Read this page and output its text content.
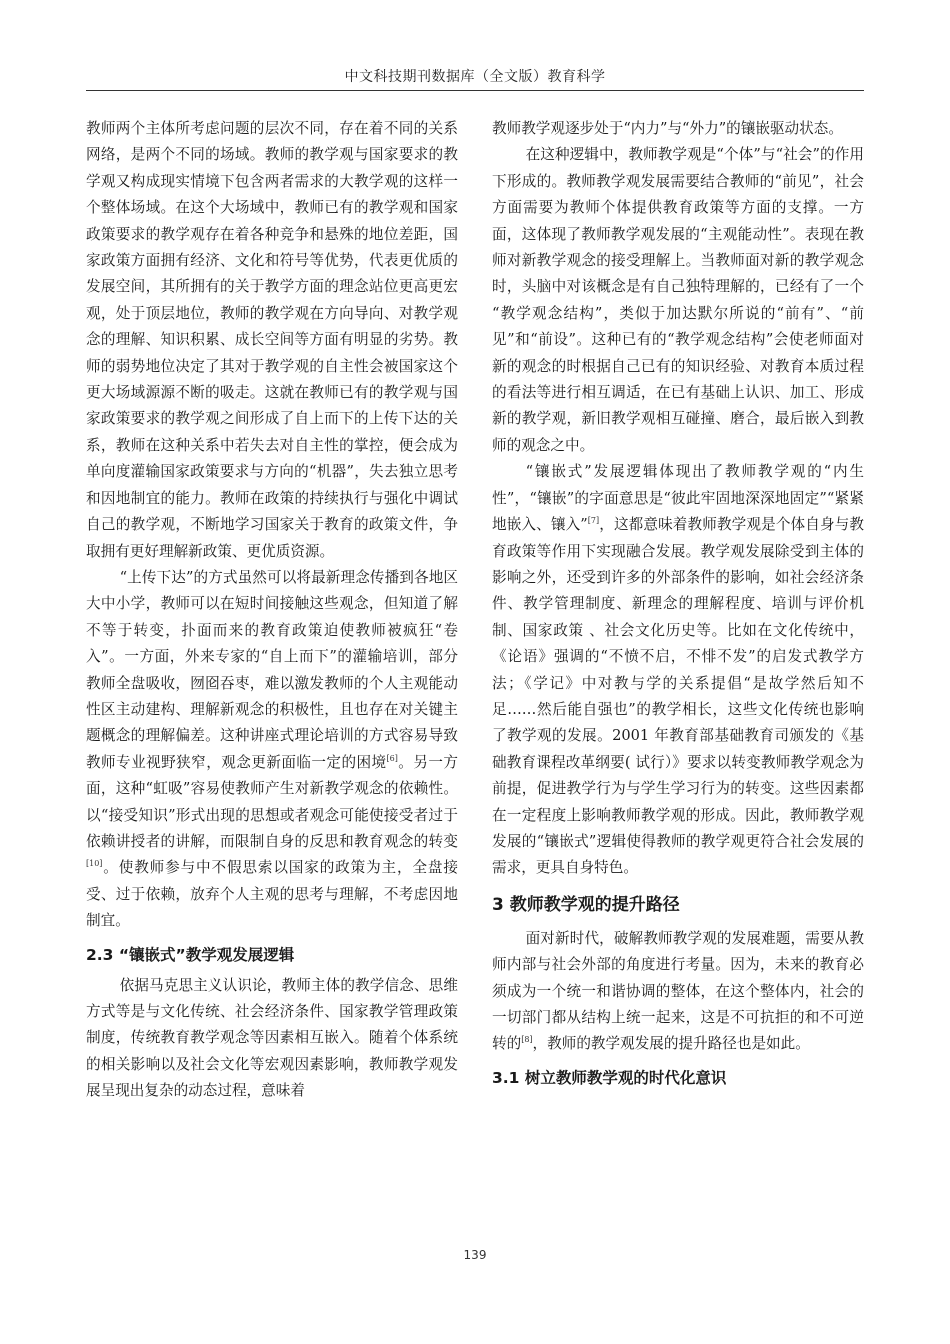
中文科技期刊数据库（全文版）教育科学

教师两个主体所考虑问题的层次不同，存在着不同的关系网络，是两个不同的场域。教师的教学观与国家要求的教学观又构成现实情境下包含两者需求的大教学观的这样一个整体场域。在这个大场域中，教师已有的教学观和国家政策要求的教学观存在着各种竞争和悬殊的地位差距，国家政策方面拥有经济、文化和符号等优势，代表更优质的发展空间，其所拥有的关于教学方面的理念站位更高更宏观，处于顶层地位，教师的教学观在方向导向、对教学观念的理解、知识积累、成长空间等方面有明显的劣势。教师的弱势地位决定了其对于教学观的自主性会被国家这个更大场域源源不断的吸走。这就在教师已有的教学观与国家政策要求的教学观之间形成了自上而下的上传下达的关系，教师在这种关系中若失去对自主性的掌控，便会成为单向度灌输国家政策要求与方向的“机器”，失去独立思考和因地制宜的能力。教师在政策的持续执行与强化中调试自己的教学观，不断地学习国家关于教育的政策文件，争取拥有更好理解新政策、更优质资源。

“上传下达”的方式虽然可以将最新理念传播到各地区大中小学，教师可以在短时间接触这些观念，但知道了解不等于转变，扑面而来的教育政策迫使教师被疯狂“卷入”。一方面，外来专家的“自上而下”的灌输培训，部分教师全盘吸收，囫囵吞枣，难以激发教师的个人主观能动性区主动建构、理解新观念的积极性，且也存在对关键主题概念的理解偏差。这种讲座式理论培训的方式容易导致教师专业视野狭窄，观念更新面临一定的困境[6]。另一方面，这种“虹吸”容易使教师产生对新教学观念的依赖性。以“接受知识”形式出现的思想或者观念可能使接受者过于依赖讲授者的讲解，而限制自身的反思和教育观念的转变[10]。使教师参与中不假思索以国家的政策为主，全盘接受、过于依赖，放弃个人主观的思考与理解，不考虑因地制宜。

2.3 “镶嵌式”教学观发展逻辑

依据马克思主义认识论，教师主体的教学信念、思维方式等是与文化传统、社会经济条件、国家教学管理政策制度，传统教育教学观念等因素相互嵌入。随着个体系统的相关影响以及社会文化等宏观因素影响，教师教学观发展呈现出复杂的动态过程，意味着

教师教学观逐步处于“内力”与“外力”的镶嵌驱动状态。

在这种逻辑中，教师教学观是“个体”与“社会”的作用下形成的。教师教学观发展需要结合教师的“前见”，社会方面需要为教师个体提供教育政策等方面的支撑。一方面，这体现了教师教学观发展的“主观能动性”。表现在教师对新教学观念的接受理解上。当教师面对新的教学观念时，头脑中对该概念是有自己独特理解的，已经有了一个 “教学观念结构”，类似于加达默尔所说的“前有”、“前见”和“前设”。这种已有的“教学观念结构”会使老师面对新的观念的时根据自己已有的知识经验、对教育本质过程的看法等进行相互调适，在已有基础上认识、加工、形成新的教学观，新旧教学观相互碰撞、磨合，最后嵌入到教师的观念之中。

“镶嵌式”发展逻辑体现出了教师教学观的“内生性”，“镶嵌”的字面意思是“彼此牢固地深深地固定”“紧紧地嵌入、镶入”[7]，这都意味着教师教学观是个体自身与教育政策等作用下实现融合发展。教学观发展除受到主体的影响之外，还受到许多的外部条件的影响，如社会经济条件、教学管理制度、新理念的理解程度、培训与评价机制、国家政策 、社会文化历史等。比如在文化传统中，《论语》强调的“不愤不启，不悱不发”的启发式教学方法；《学记》中对教与学的关系提倡“是故学然后知不足……然后能自强也”的教学相长，这些文化传统也影响了教学观的发展。2001 年教育部基础教育司颁发的《基础教育课程改革纲要( 试行）》要求以转变教师教学观念为前提，促进教学行为与学生学习行为的转变。这些因素都在一定程度上影响教师教学观的形成。因此，教师教学观发展的“镶嵌式”逻辑使得教师的教学观更符合社会发展的需求，更具自身特色。

3 教师教学观的提升路径

面对新时代，破解教师教学观的发展难题，需要从教师内部与社会外部的角度进行考量。因为，未来的教育必须成为一个统一和谐协调的整体，在这个整体内，社会的一切部门都从结构上统一起来，这是不可抗拒的和不可逆转的[8]，教师的教学观发展的提升路径也是如此。

3.1 树立教师教学观的时代化意识
139
